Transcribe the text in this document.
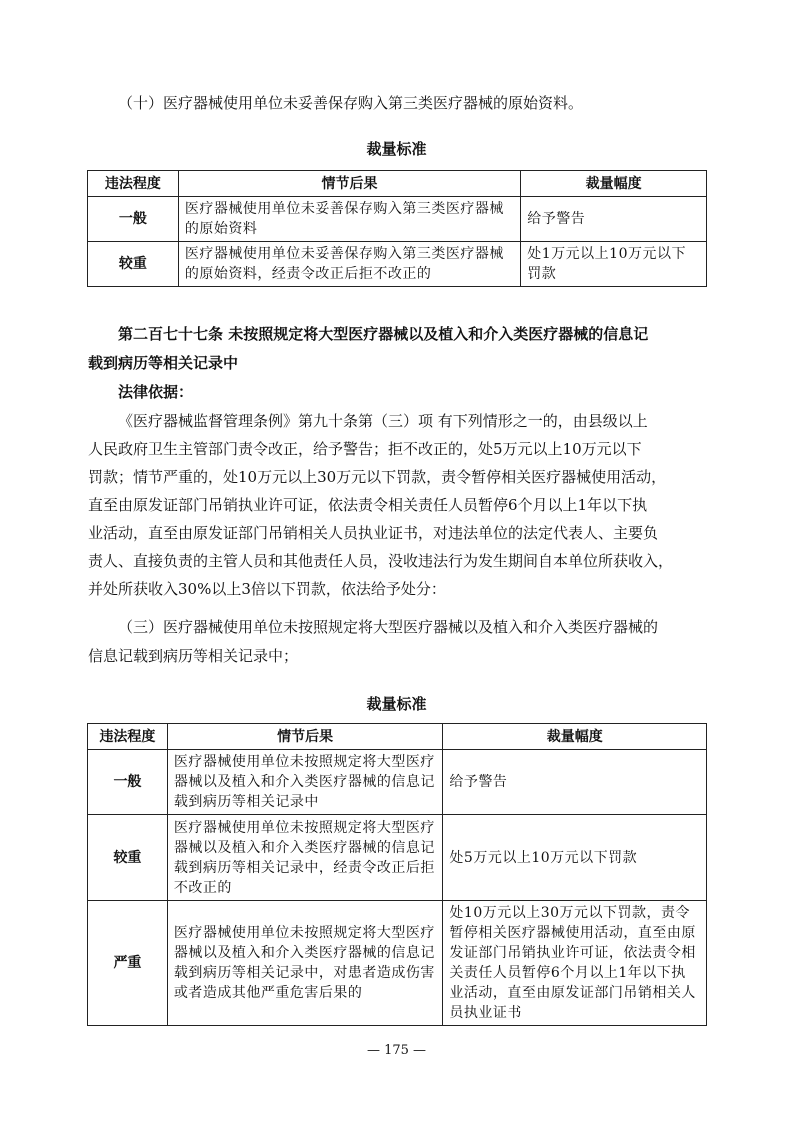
（十）医疗器械使用单位未妥善保存购入第三类医疗器械的原始资料。
裁量标准
违法程度	情节后果	裁量幅度
一般	医疗器械使用单位未妥善保存购入第三类医疗器械的原始资料	给予警告
较重	医疗器械使用单位未妥善保存购入第三类医疗器械的原始资料，经责令改正后拒不改正的	处1万元以上10万元以下罚款
第二百七十七条 未按照规定将大型医疗器械以及植入和介入类医疗器械的信息记
载到病历等相关记录中
法律依据：
《医疗器械监督管理条例》第九十条第（三）项 有下列情形之一的，由县级以上
人民政府卫生主管部门责令改正，给予警告；拒不改正的，处5万元以上10万元以下
罚款；情节严重的，处10万元以上30万元以下罚款，责令暂停相关医疗器械使用活动，
直至由原发证部门吊销执业许可证，依法责令相关责任人员暂停6个月以上1年以下执
业活动，直至由原发证部门吊销相关人员执业证书，对违法单位的法定代表人、主要负
责人、直接负责的主管人员和其他责任人员，没收违法行为发生期间自本单位所获收入，
并处所获收入30%以上3倍以下罚款，依法给予处分：
（三）医疗器械使用单位未按照规定将大型医疗器械以及植入和介入类医疗器械的
信息记载到病历等相关记录中；
裁量标准
违法程度	情节后果	裁量幅度
一般	医疗器械使用单位未按照规定将大型医疗器械以及植入和介入类医疗器械的信息记载到病历等相关记录中	给予警告
较重	医疗器械使用单位未按照规定将大型医疗器械以及植入和介入类医疗器械的信息记载到病历等相关记录中，经责令改正后拒不改正的	处5万元以上10万元以下罚款
严重	医疗器械使用单位未按照规定将大型医疗器械以及植入和介入类医疗器械的信息记载到病历等相关记录中，对患者造成伤害或者造成其他严重危害后果的	处10万元以上30万元以下罚款，责令暂停相关医疗器械使用活动，直至由原发证部门吊销执业许可证，依法责令相关责任人员暂停6个月以上1年以下执业活动，直至由原发证部门吊销相关人员执业证书
— 175 —
